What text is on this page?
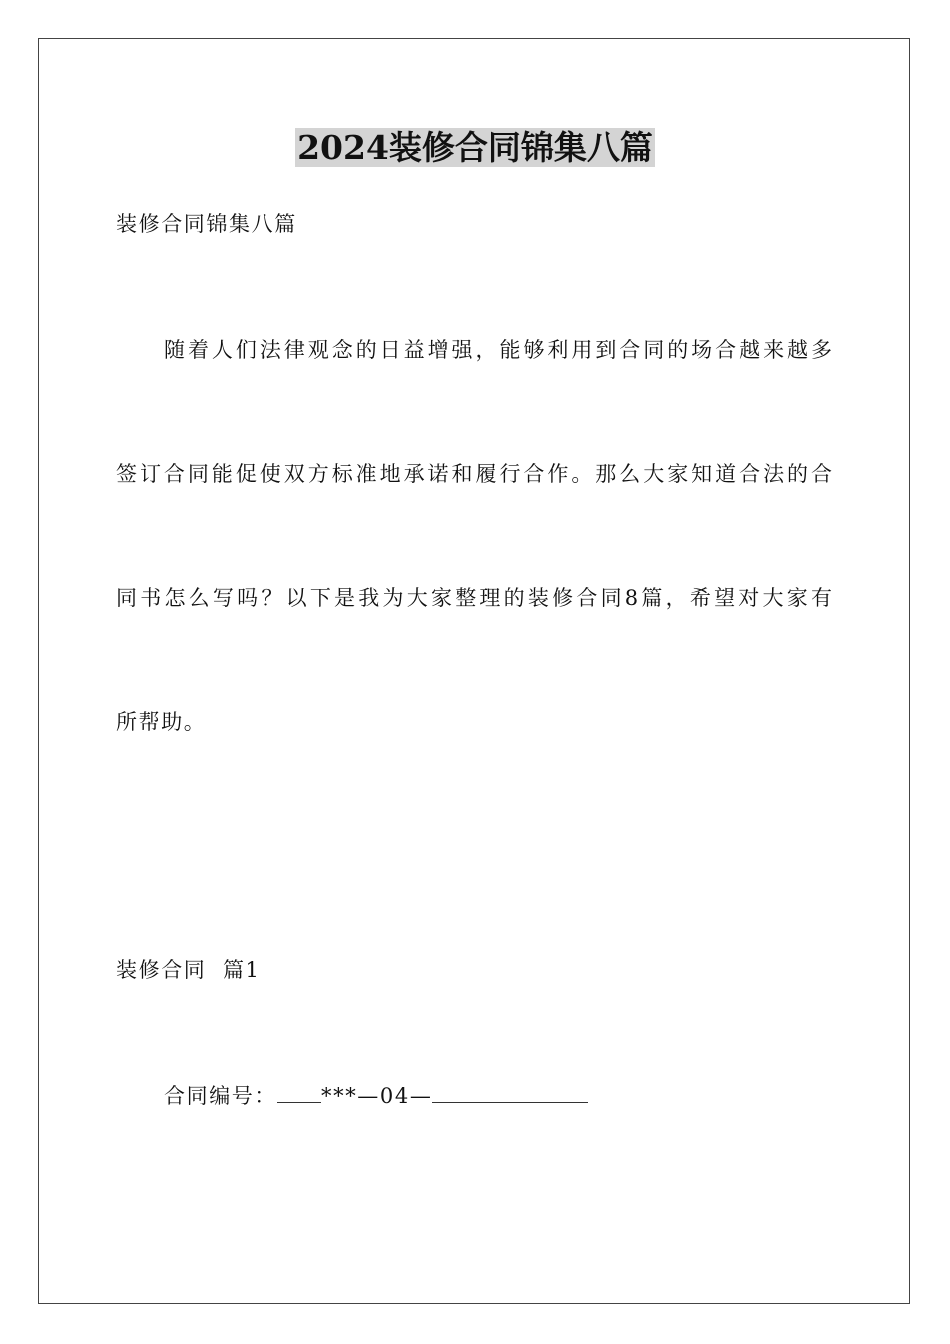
2024装修合同锦集八篇
装修合同锦集八篇
随着人们法律观念的日益增强，能够利用到合同的场合越来越多
签订合同能促使双方标准地承诺和履行合作。那么大家知道合法的合
同书怎么写吗？以下是我为大家整理的装修合同8篇，希望对大家有
所帮助。
装修合同  篇1
合同编号： ***—04—
